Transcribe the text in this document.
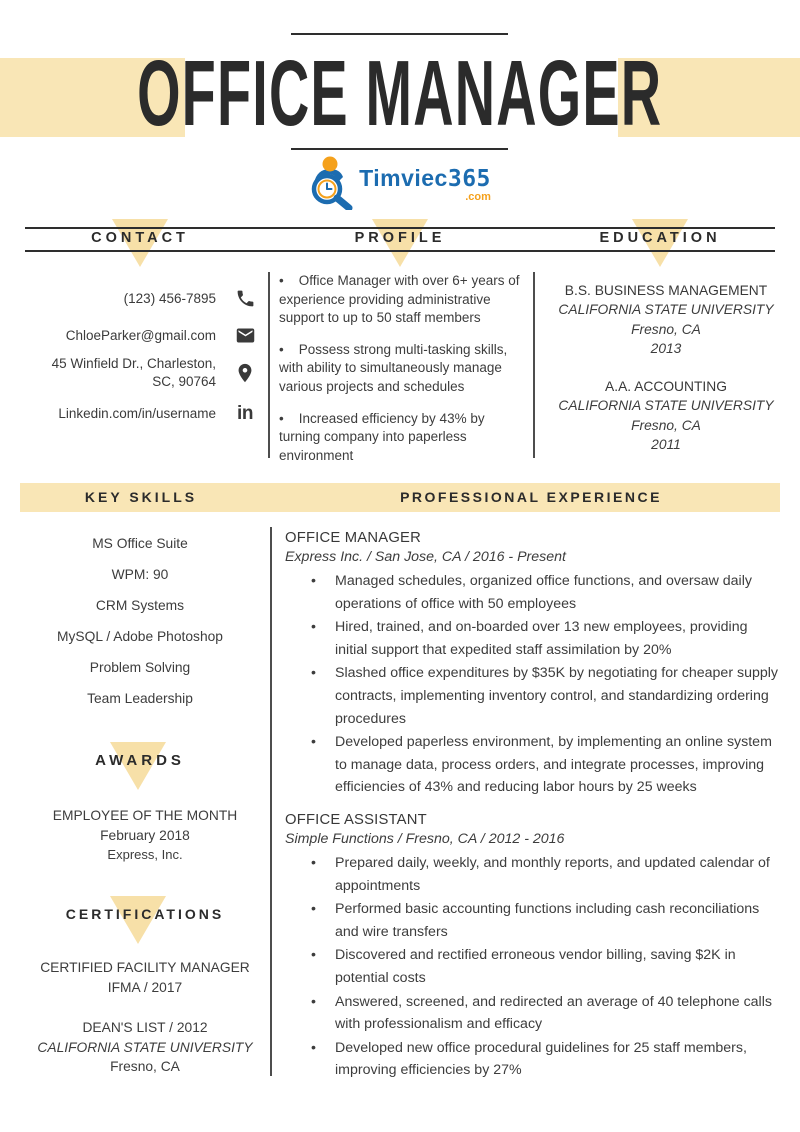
OFFICE MANAGER
Timviec365
.com
CONTACT	PROFILE	EDUCATION
(123) 456-7895
ChloeParker@gmail.com
45 Winfield Dr., Charleston, SC, 90764
Linkedin.com/in/username in

• Office Manager with over 6+ years of experience providing administrative support to up to 50 staff members

• Possess strong multi-tasking skills, with ability to simultaneously manage various projects and schedules

• Increased efficiency by 43% by turning company into paperless environment

B.S. BUSINESS MANAGEMENT
CALIFORNIA STATE UNIVERSITY
Fresno, CA
2013
A.A. ACCOUNTING
CALIFORNIA STATE UNIVERSITY
Fresno, CA
2011
KEY SKILLS	PROFESSIONAL EXPERIENCE
MS Office Suite
WPM: 90
CRM Systems
MySQL / Adobe Photoshop
Problem Solving
Team Leadership
AWARDS
EMPLOYEE OF THE MONTH
February 2018
Express, Inc.
CERTIFICATIONS
CERTIFIED FACILITY MANAGER
IFMA / 2017
DEAN'S LIST / 2012
CALIFORNIA STATE UNIVERSITY
Fresno, CA
OFFICE MANAGER

Express Inc. / San Jose, CA / 2016 - Present

• Managed schedules, organized office functions, and oversaw daily operations of office with 50 employees
• Hired, trained, and on-boarded over 13 new employees, providing initial support that expedited staff assimilation by 20%
• Slashed office expenditures by $35K by negotiating for cheaper supply contracts, implementing inventory control, and standardizing ordering procedures
• Developed paperless environment, by implementing an online system to manage data, process orders, and integrate processes, improving efficiencies of 43% and reducing labor hours by 25 weeks
OFFICE ASSISTANT

Simple Functions / Fresno, CA / 2012 - 2016

• Prepared daily, weekly, and monthly reports, and updated calendar of appointments
• Performed basic accounting functions including cash reconciliations and wire transfers
• Discovered and rectified erroneous vendor billing, saving $2K in potential costs
• Answered, screened, and redirected an average of 40 telephone calls with professionalism and efficacy
• Developed new office procedural guidelines for 25 staff members, improving efficiencies by 27%
